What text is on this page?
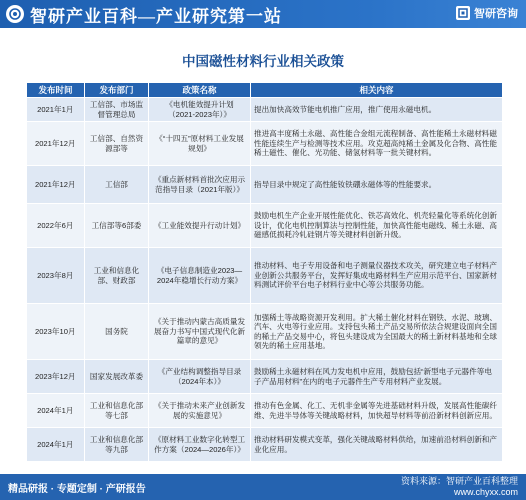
智研产业百科—产业研究第一站	智研咨询
中国磁性材料行业相关政策
发布时间	发布部门	政策名称	相关内容
2021年1月	工信部、市场监督管理总局	《电机能效提升计划（2021-2023年）》	提出加快高效节能电机推广应用，推广使用永磁电机。
2021年12月	工信部、自然资源部等	《“十四五”原材料工业发展规划》	推进高丰度稀土永磁、高性能合金组元流程制备、高性能稀土永磁材料磁性能连续生产与检测等技术应用。攻克超高纯稀土金属及化合物、高性能稀土磁性、催化、光功能、储氢材料等一批关键材料。
2021年12月	工信部	《重点新材料首批次应用示范指导目录（2021年版）》	指导目录中规定了高性能钕铁硼永磁体等的性能要求。
2022年6月	工信部等6部委	《工业能效提升行动计划》	鼓励电机生产企业开展性能优化、铁芯高效化、机壳轻量化等系统化创新设计，优化电机控制算法与控制性能，加快高性能电磁线、稀土永磁、高磁感低损耗冷轧硅钢片等关键材料创新升级。
2023年8月	工业和信息化部、财政部	《电子信息制造业2023—2024年稳增长行动方案》	推动材料、电子专用设备和电子测量仪器技术攻关，研究建立电子材料产业创新公共服务平台，发挥好集成电路材料生产应用示范平台、国家新材料测试评价平台电子材料行业中心等公共服务功能。
2023年10月	国务院	《关于推动内蒙古高质量发展奋力书写中国式现代化新篇章的意见》	加强稀土等战略资源开发利用。扩大稀土催化材料在钢铁、水泥、玻璃、汽车、火电等行业应用。支持包头稀土产品交易所依法合规建设面向全国的稀土产品交易中心，将包头建设成为全国最大的稀土新材料基地和全球领先的稀土应用基地。
2023年12月	国家发展改革委	《产业结构调整指导目录（2024年本）》	鼓励稀土永磁材料在风力发电机中应用，鼓励包括“新型电子元器件等电子产品用材料”在内的电子元器件生产专用材料产业发展。
2024年1月	工业和信息化部等七部	《关于推动未来产业创新发展的实施意见》	推动有色金属、化工、无机非金属等先进基础材料升级，发展高性能碳纤维、先进半导体等关键战略材料，加快超导材料等前沿新材料创新应用。
2024年1月	工业和信息化部等九部	《原材料工业数字化转型工作方案（2024—2026年）》	推动材料研发模式变革，强化关键战略材料供给，加速前沿材料创新和产业化应用。
精品研报 · 专题定制 · 产研报告
资料来源：智研产业百科整理
www.chyxx.com
